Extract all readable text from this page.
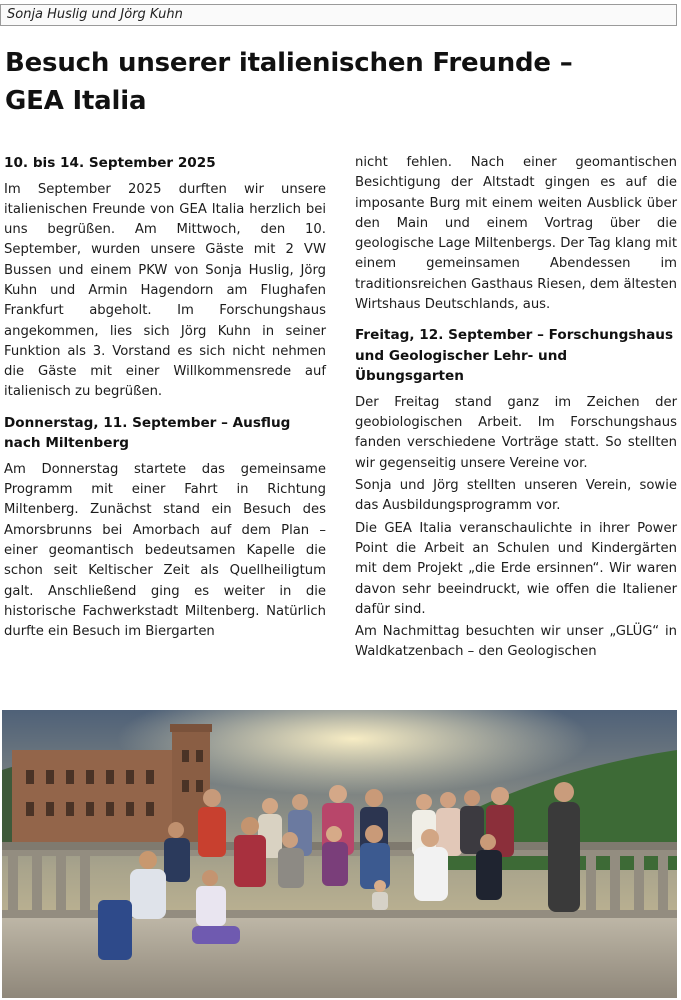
Sonja Huslig und Jörg Kuhn
Besuch unserer italienischen Freunde –
GEA Italia
10. bis 14. September 2025

Im September 2025 durften wir unsere italienischen Freunde von GEA Italia herzlich bei uns begrüßen. Am Mittwoch, den 10. September, wurden unsere Gäste mit 2 VW Bussen und einem PKW von Sonja Huslig, Jörg Kuhn und Armin Hagendorn am Flughafen Frankfurt abgeholt. Im Forschungshaus angekommen, lies sich Jörg Kuhn in seiner Funktion als 3. Vorstand es sich nicht nehmen die Gäste mit einer Willkommensrede auf italienisch zu begrüßen.

Donnerstag, 11. September – Ausflug nach Miltenberg

Am Donnerstag startete das gemeinsame Programm mit einer Fahrt in Richtung Miltenberg. Zunächst stand ein Besuch des Amorsbrunns bei Amorbach auf dem Plan – einer geomantisch bedeutsamen Kapelle die schon seit Keltischer Zeit als Quellheiligtum galt. Anschließend ging es weiter in die historische Fachwerkstadt Miltenberg. Natürlich durfte ein Besuch im Biergarten

nicht fehlen. Nach einer geomantischen Besichtigung der Altstadt gingen es auf die imposante Burg mit einem weiten Ausblick über den Main und einem Vortrag über die geologische Lage Miltenbergs. Der Tag klang mit einem gemeinsamen Abendessen im traditionsreichen Gasthaus Riesen, dem ältesten Wirtshaus Deutschlands, aus.

Freitag, 12. September – Forschungshaus und Geologischer Lehr- und Übungsgarten

Der Freitag stand ganz im Zeichen der geobiologischen Arbeit. Im Forschungshaus fanden verschiedene Vorträge statt. So stellten wir gegenseitig unsere Vereine vor.

Sonja und Jörg stellten unseren Verein, sowie das Ausbildungsprogramm vor.

Die GEA Italia veranschaulichte in ihrer Power Point die Arbeit an Schulen und Kindergärten mit dem Projekt „die Erde ersinnen“. Wir waren davon sehr beeindruckt, wie offen die Italiener dafür sind.

Am Nachmittag besuchten wir unser „GLÜG“ in Waldkatzenbach – den Geologischen
